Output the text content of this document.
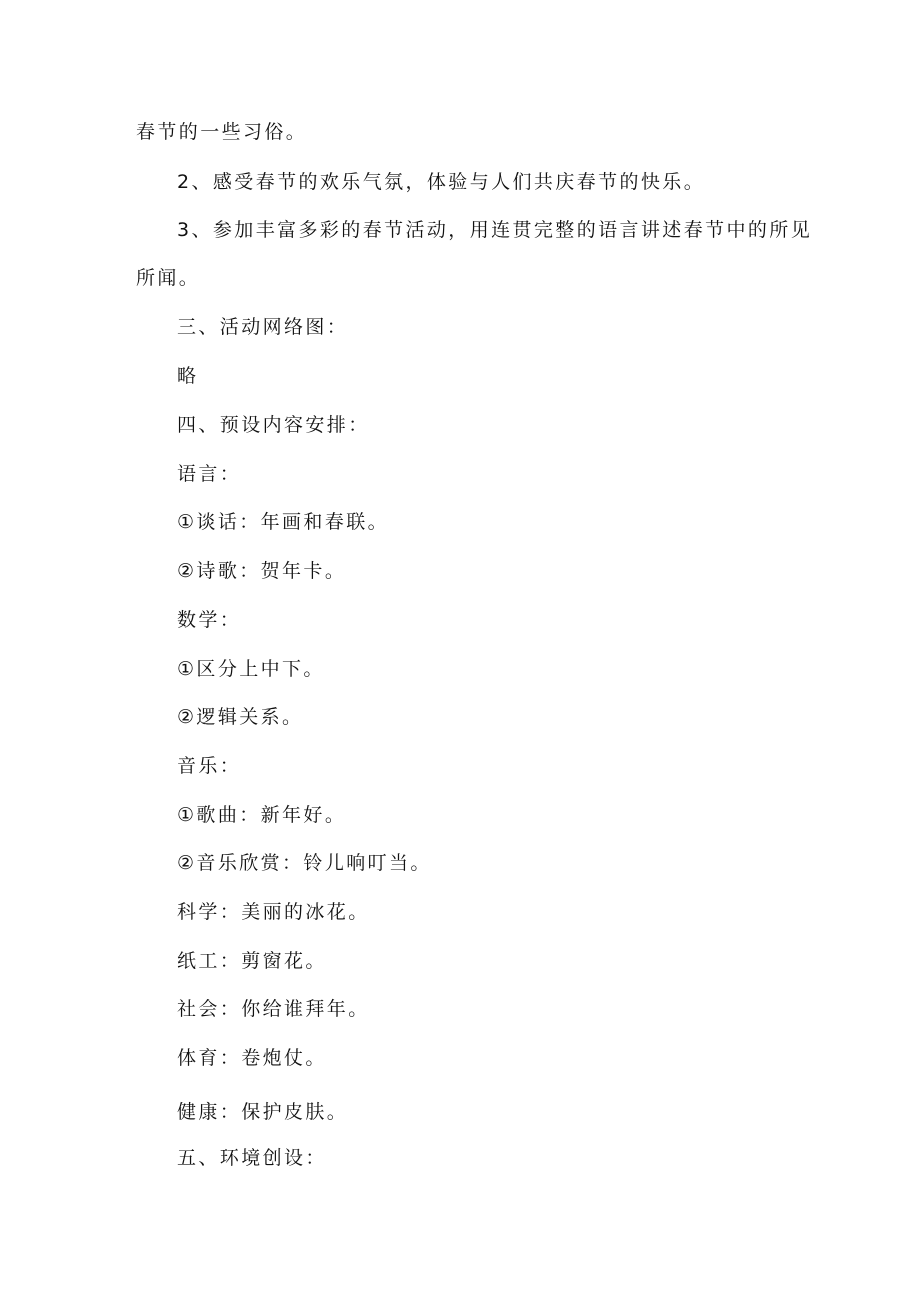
春节的一些习俗。
2、感受春节的欢乐气氛，体验与人们共庆春节的快乐。
3、参加丰富多彩的春节活动，用连贯完整的语言讲述春节中的所见
所闻。
三、活动网络图：
略
四、预设内容安排：
语言：
①谈话：年画和春联。
②诗歌：贺年卡。
数学：
①区分上中下。
②逻辑关系。
音乐：
①歌曲：新年好。
②音乐欣赏：铃儿响叮当。
科学：美丽的冰花。
纸工：剪窗花。
社会：你给谁拜年。
体育：卷炮仗。
健康：保护皮肤。
五、环境创设：
